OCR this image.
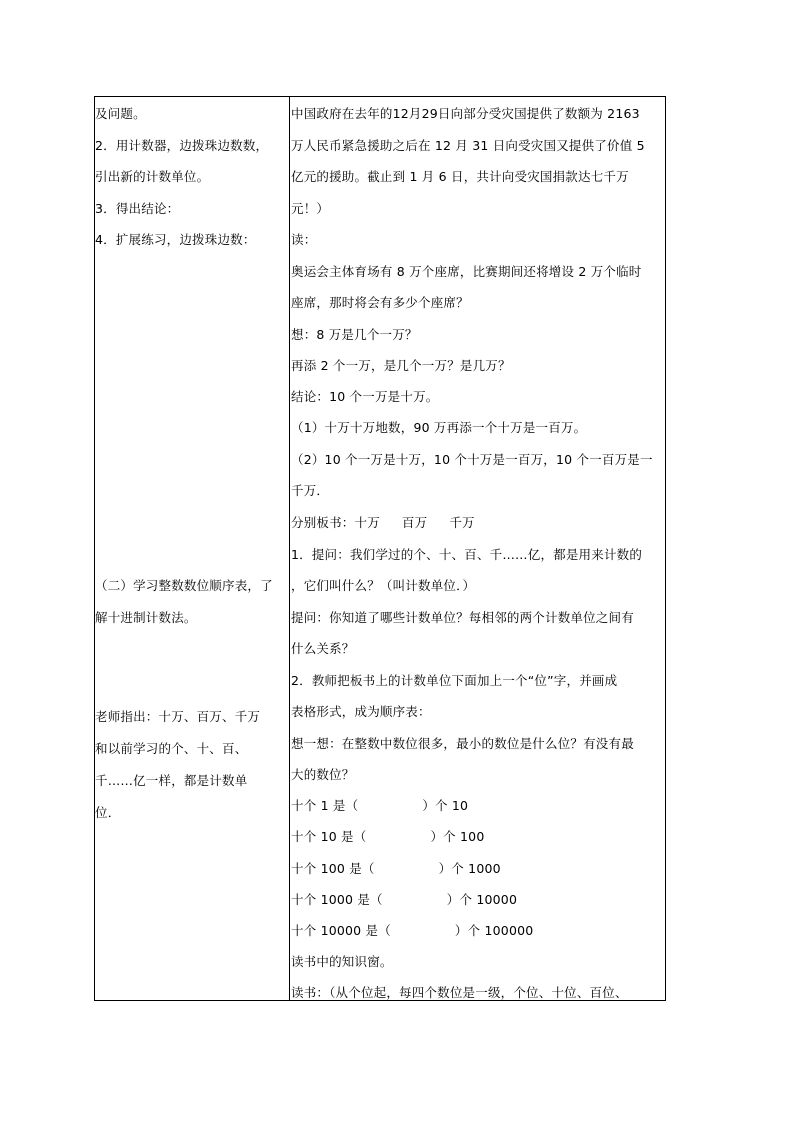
及问题。
2．用计数器，边拨珠边数数，
引出新的计数单位。
3．得出结论：
4．扩展练习，边拨珠边数：
（二）学习整数数位顺序表，了
解十进制计数法。
老师指出：十万、百万、千万
和以前学习的个、十、百、
千……亿一样，都是计数单
位．
中国政府在去年的12月29日向部分受灾国提供了数额为 2163
万人民币紧急援助之后在 12 月 31 日向受灾国又提供了价值 5
亿元的援助。截止到 1 月 6 日，共计向受灾国捐款达七千万
元！）
读：
奥运会主体育场有 8 万个座席，比赛期间还将增设 2 万个临时
座席，那时将会有多少个座席？
想：8 万是几个一万？
再添 2 个一万，是几个一万？是几万？
结论：10 个一万是十万。
（1）十万十万地数，90 万再添一个十万是一百万。
（2）10 个一万是十万，10 个十万是一百万，10 个一百万是一
千万．
分别板书：十万 百万 千万
1．提问：我们学过的个、十、百、千……亿，都是用来计数的
，它们叫什么？（叫计数单位．）
提问：你知道了哪些计数单位？每相邻的两个计数单位之间有
什么关系？
2．教师把板书上的计数单位下面加上一个“位”字，并画成
表格形式，成为顺序表：
想一想：在整数中数位很多，最小的数位是什么位？有没有最
大的数位？
十个 1 是（	）个 10
十个 10 是（	）个 100
十个 100 是（	）个 1000
十个 1000 是（	）个 10000
十个 10000 是（	）个 100000
读书中的知识窗。
读书：（从个位起，每四个数位是一级，个位、十位、百位、
